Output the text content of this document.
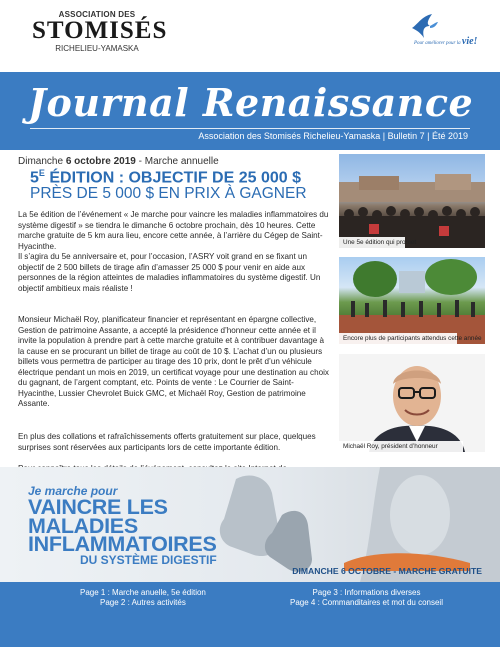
ASSOCIATION DES
STOMISÉS
RICHELIEU-YAMASKA
Pour améliorer pour la vie!
Journal Renaissance
Association des Stomisés Richelieu-Yamaska | Bulletin 7 | Été 2019
Dimanche 6 octobre 2019 - Marche annuelle
$5^E$ ÉDITION : OBJECTIF DE 25 000 $
PRÈS DE 5 000 $ EN PRIX À GAGNER

La 5e édition de l’événement « Je marche pour vaincre les maladies inflammatoires du système digestif » se tiendra le dimanche 6 octobre prochain, dès 10 heures. Cette marche gratuite de 5 km aura lieu, encore cette année, à l’arrière du Cégep de Saint-Hyacinthe.

Il s’agira du 5e anniversaire et, pour l’occasion, l’ASRY voit grand en se fixant un objectif de 2 500 billets de tirage afin d’amasser 25 000 $ pour venir en aide aux personnes de la région atteintes de maladies inflammatoires du système digestif. Un objectif ambitieux mais réaliste !

Monsieur Michaël Roy, planificateur financier et représentant en épargne collective, Gestion de patrimoine Assante, a accepté la présidence d’honneur cette année et il invite la population à prendre part à cette marche gratuite et à contribuer davantage à la cause en se procurant un billet de tirage au coût de 10 $. L’achat d’un ou plusieurs billets vous permettra de participer au tirage des 10 prix, dont le prêt d’un véhicule électrique pendant un mois en 2019, un certificat voyage pour une destination au choix du gagnant, de l’argent comptant, etc. Points de vente : Le Courrier de Saint-Hyacinthe, Lussier Chevrolet Buick GMC, et Michaël Roy, Gestion de patrimoine Assante.

En plus des collations et rafraîchissements offerts gratuitement sur place, quelques surprises sont réservées aux participants lors de cette importante édition.

Une 5e édition qui promet
Encore plus de participants attendus cette année
Michaël Roy, président d’honneur
Je marche pour
VAINCRE LES
MALADIES
INFLAMMATOIRES
DU SYSTÈME DIGESTIF
DIMANCHE 6 OCTOBRE - MARCHE GRATUITE
Page 1 : Marche anuelle, 5e édition
Page 2 : Autres activités
Page 3 : Informations diverses
Page 4 : Commanditaires et mot du conseil
